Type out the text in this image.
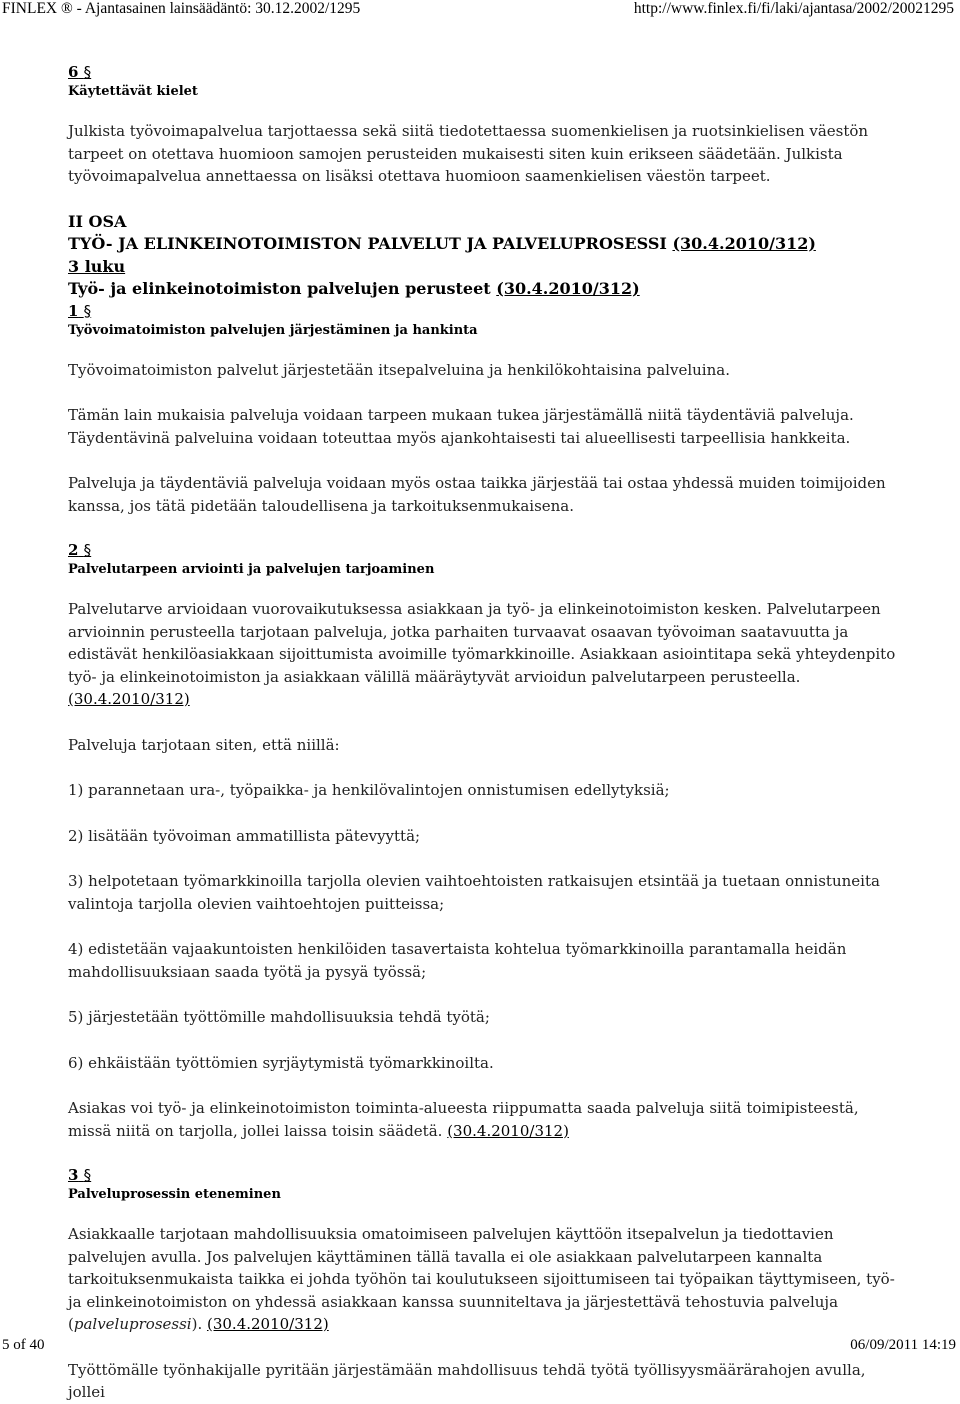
FINLEX ® - Ajantasainen lainsäädäntö: 30.12.2002/1295	http://www.finlex.fi/fi/laki/ajantasa/2002/20021295
6 §
Käytettävät kielet

Julkista työvoimapalvelua tarjottaessa sekä siitä tiedotettaessa suomenkielisen ja ruotsinkielisen väestön tarpeet on otettava huomioon samojen perusteiden mukaisesti siten kuin erikseen säädetään. Julkista työvoimapalvelua annettaessa on lisäksi otettava huomioon saamenkielisen väestön tarpeet.

II OSA
TYÖ- JA ELINKEINOTOIMISTON PALVELUT JA PALVELUPROSESSI (30.4.2010/312)
3 luku
Työ- ja elinkeinotoimiston palvelujen perusteet (30.4.2010/312)
1 §
Työvoimatoimiston palvelujen järjestäminen ja hankinta

Työvoimatoimiston palvelut järjestetään itsepalveluina ja henkilökohtaisina palveluina.

Tämän lain mukaisia palveluja voidaan tarpeen mukaan tukea järjestämällä niitä täydentäviä palveluja. Täydentävinä palveluina voidaan toteuttaa myös ajankohtaisesti tai alueellisesti tarpeellisia hankkeita.

Palveluja ja täydentäviä palveluja voidaan myös ostaa taikka järjestää tai ostaa yhdessä muiden toimijoiden kanssa, jos tätä pidetään taloudellisena ja tarkoituksenmukaisena.

2 §
Palvelutarpeen arviointi ja palvelujen tarjoaminen

Palvelutarve arvioidaan vuorovaikutuksessa asiakkaan ja työ- ja elinkeinotoimiston kesken. Palvelutarpeen arvioinnin perusteella tarjotaan palveluja, jotka parhaiten turvaavat osaavan työvoiman saatavuutta ja edistävät henkilöasiakkaan sijoittumista avoimille työmarkkinoille. Asiakkaan asiointitapa sekä yhteydenpito työ- ja elinkeinotoimiston ja asiakkaan välillä määräytyvät arvioidun palvelutarpeen perusteella. (30.4.2010/312)

Palveluja tarjotaan siten, että niillä:

1) parannetaan ura-, työpaikka- ja henkilövalintojen onnistumisen edellytyksiä;

2) lisätään työvoiman ammatillista pätevyyttä;

3) helpotetaan työmarkkinoilla tarjolla olevien vaihtoehtoisten ratkaisujen etsintää ja tuetaan onnistuneita valintoja tarjolla olevien vaihtoehtojen puitteissa;

4) edistetään vajaakuntoisten henkilöiden tasavertaista kohtelua työmarkkinoilla parantamalla heidän mahdollisuuksiaan saada työtä ja pysyä työssä;

5) järjestetään työttömille mahdollisuuksia tehdä työtä;

6) ehkäistään työttömien syrjäytymistä työmarkkinoilta.

Asiakas voi työ- ja elinkeinotoimiston toiminta-alueesta riippumatta saada palveluja siitä toimipisteestä, missä niitä on tarjolla, jollei laissa toisin säädetä. (30.4.2010/312)

3 §
Palveluprosessin eteneminen

Asiakkaalle tarjotaan mahdollisuuksia omatoimiseen palvelujen käyttöön itsepalvelun ja tiedottavien palvelujen avulla. Jos palvelujen käyttäminen tällä tavalla ei ole asiakkaan palvelutarpeen kannalta tarkoituksenmukaista taikka ei johda työhön tai koulutukseen sijoittumiseen tai työpaikan täyttymiseen, työ- ja elinkeinotoimiston on yhdessä asiakkaan kanssa suunniteltava ja järjestettävä tehostuvia palveluja (palveluprosessi). (30.4.2010/312)

Työttömälle työnhakijalle pyritään järjestämään mahdollisuus tehdä työtä työllisyysmäärärahojen avulla, jollei

5 of 40	06/09/2011 14:19
